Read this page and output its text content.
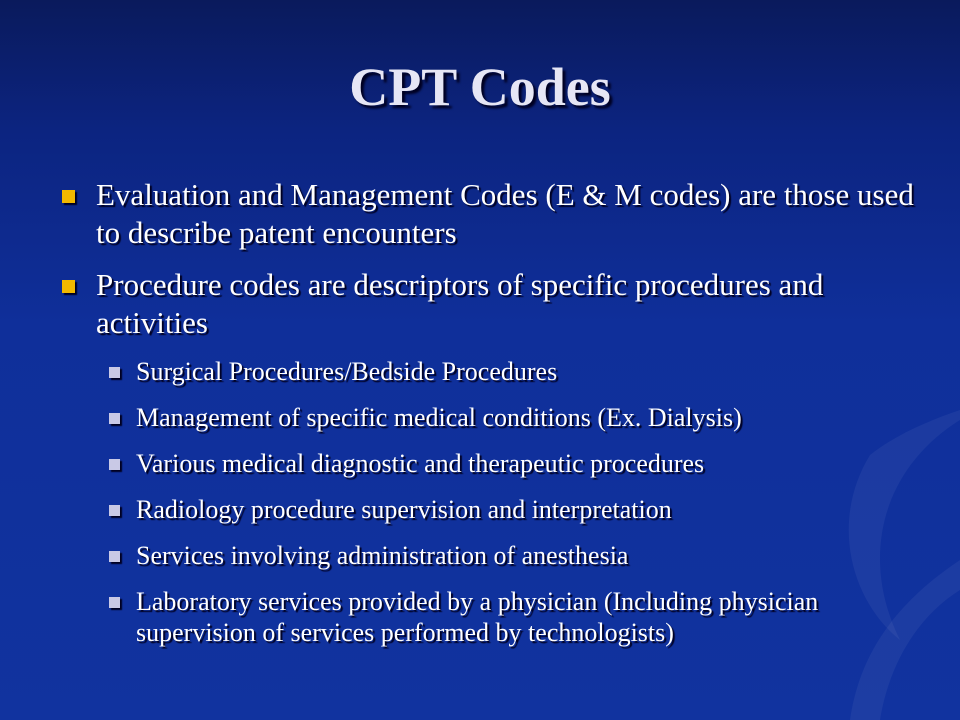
CPT Codes
Evaluation and Management Codes (E & M codes) are those used to describe patent encounters
Procedure codes are descriptors of specific procedures and activities
Surgical Procedures/Bedside Procedures
Management of specific medical conditions (Ex. Dialysis)
Various medical diagnostic and therapeutic procedures
Radiology procedure supervision and interpretation
Services involving administration of anesthesia
Laboratory services provided by a physician (Including physician supervision of services performed by technologists)
